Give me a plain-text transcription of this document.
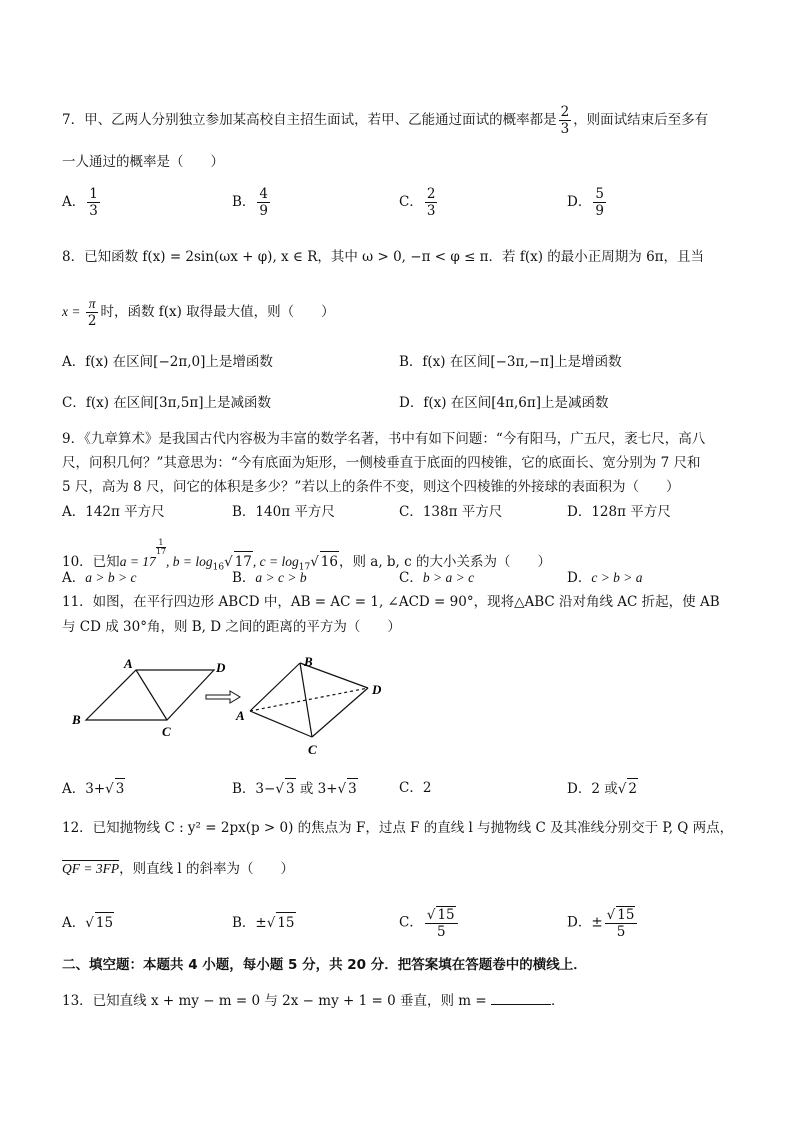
7．甲、乙两人分别独立参加某高校自主招生面试，若甲、乙能通过面试的概率都是 $\frac{2}{3}$ ，则面试结束后至多有
一人通过的概率是（　　）
A． $\frac{1}{3}$	B． $\frac{4}{9}$	C． $\frac{2}{3}$	D． $\frac{5}{9}$
8．已知函数 f(x) = 2sin(ωx + φ), x ∈ R，其中 ω > 0, −π < φ ≤ π．若 f(x) 的最小正周期为 6π，且当
$x = \frac{\pi}{2}$ 时，函数 f(x) 取得最大值，则（　　）
A．f(x) 在区间[−2π,0]上是增函数	B．f(x) 在区间[−3π,−π]上是增函数
C．f(x) 在区间[3π,5π]上是减函数	D．f(x) 在区间[4π,6π]上是减函数
9．《九章算术》是我国古代内容极为丰富的数学名著，书中有如下问题：“今有阳马，广五尺，袤七尺，高八
尺，问积几何？”其意思为：“今有底面为矩形，一侧棱垂直于底面的四棱锥，它的底面长、宽分别为 7 尺和
5 尺，高为 8 尺，问它的体积是多少？”若以上的条件不变，则这个四棱锥的外接球的表面积为（　　）
A．142π 平方尺	B．140π 平方尺	C．138π 平方尺	D．128π 平方尺
10．已知a = 17
$^{\frac{1}{17}}$
, $b = \log_{16}√$ 17, $c = \log_{17}√$ 16，则 a, b, c 的大小关系为（　　）
A．a > b > c	B．a > c > b	C．b > a > c	D．c > b > a
11．如图，在平行四边形 ABCD 中，AB = AC = 1, ∠ACD = 90°，现将△ABC 沿对角线 AC 折起，使 AB
与 CD 成 30°角，则 B, D 之间的距离的平方为（　　）
A
B
C
D
A
B
C
D
A．3+√ 3	B．3−√ 3 或 3+√ 3	C．2	D．2 或√ 2
12．已知抛物线 C : y² = 2px(p > 0) 的焦点为 F，过点 F 的直线 l 与抛物线 C 及其准线分别交于 P, Q 两点，
QF = 3FP，则直线 l 的斜率为（　　）
A．√ 15	B．±√ 15	C． $\frac{√ 15}{5}$	D．± $\frac{√ 15}{5}$
二、填空题：本题共 4 小题，每小题 5 分，共 20 分．把答案填在答题卷中的横线上．
13．已知直线 x + my − m = 0 与 2x − my + 1 = 0 垂直，则 m =	．
